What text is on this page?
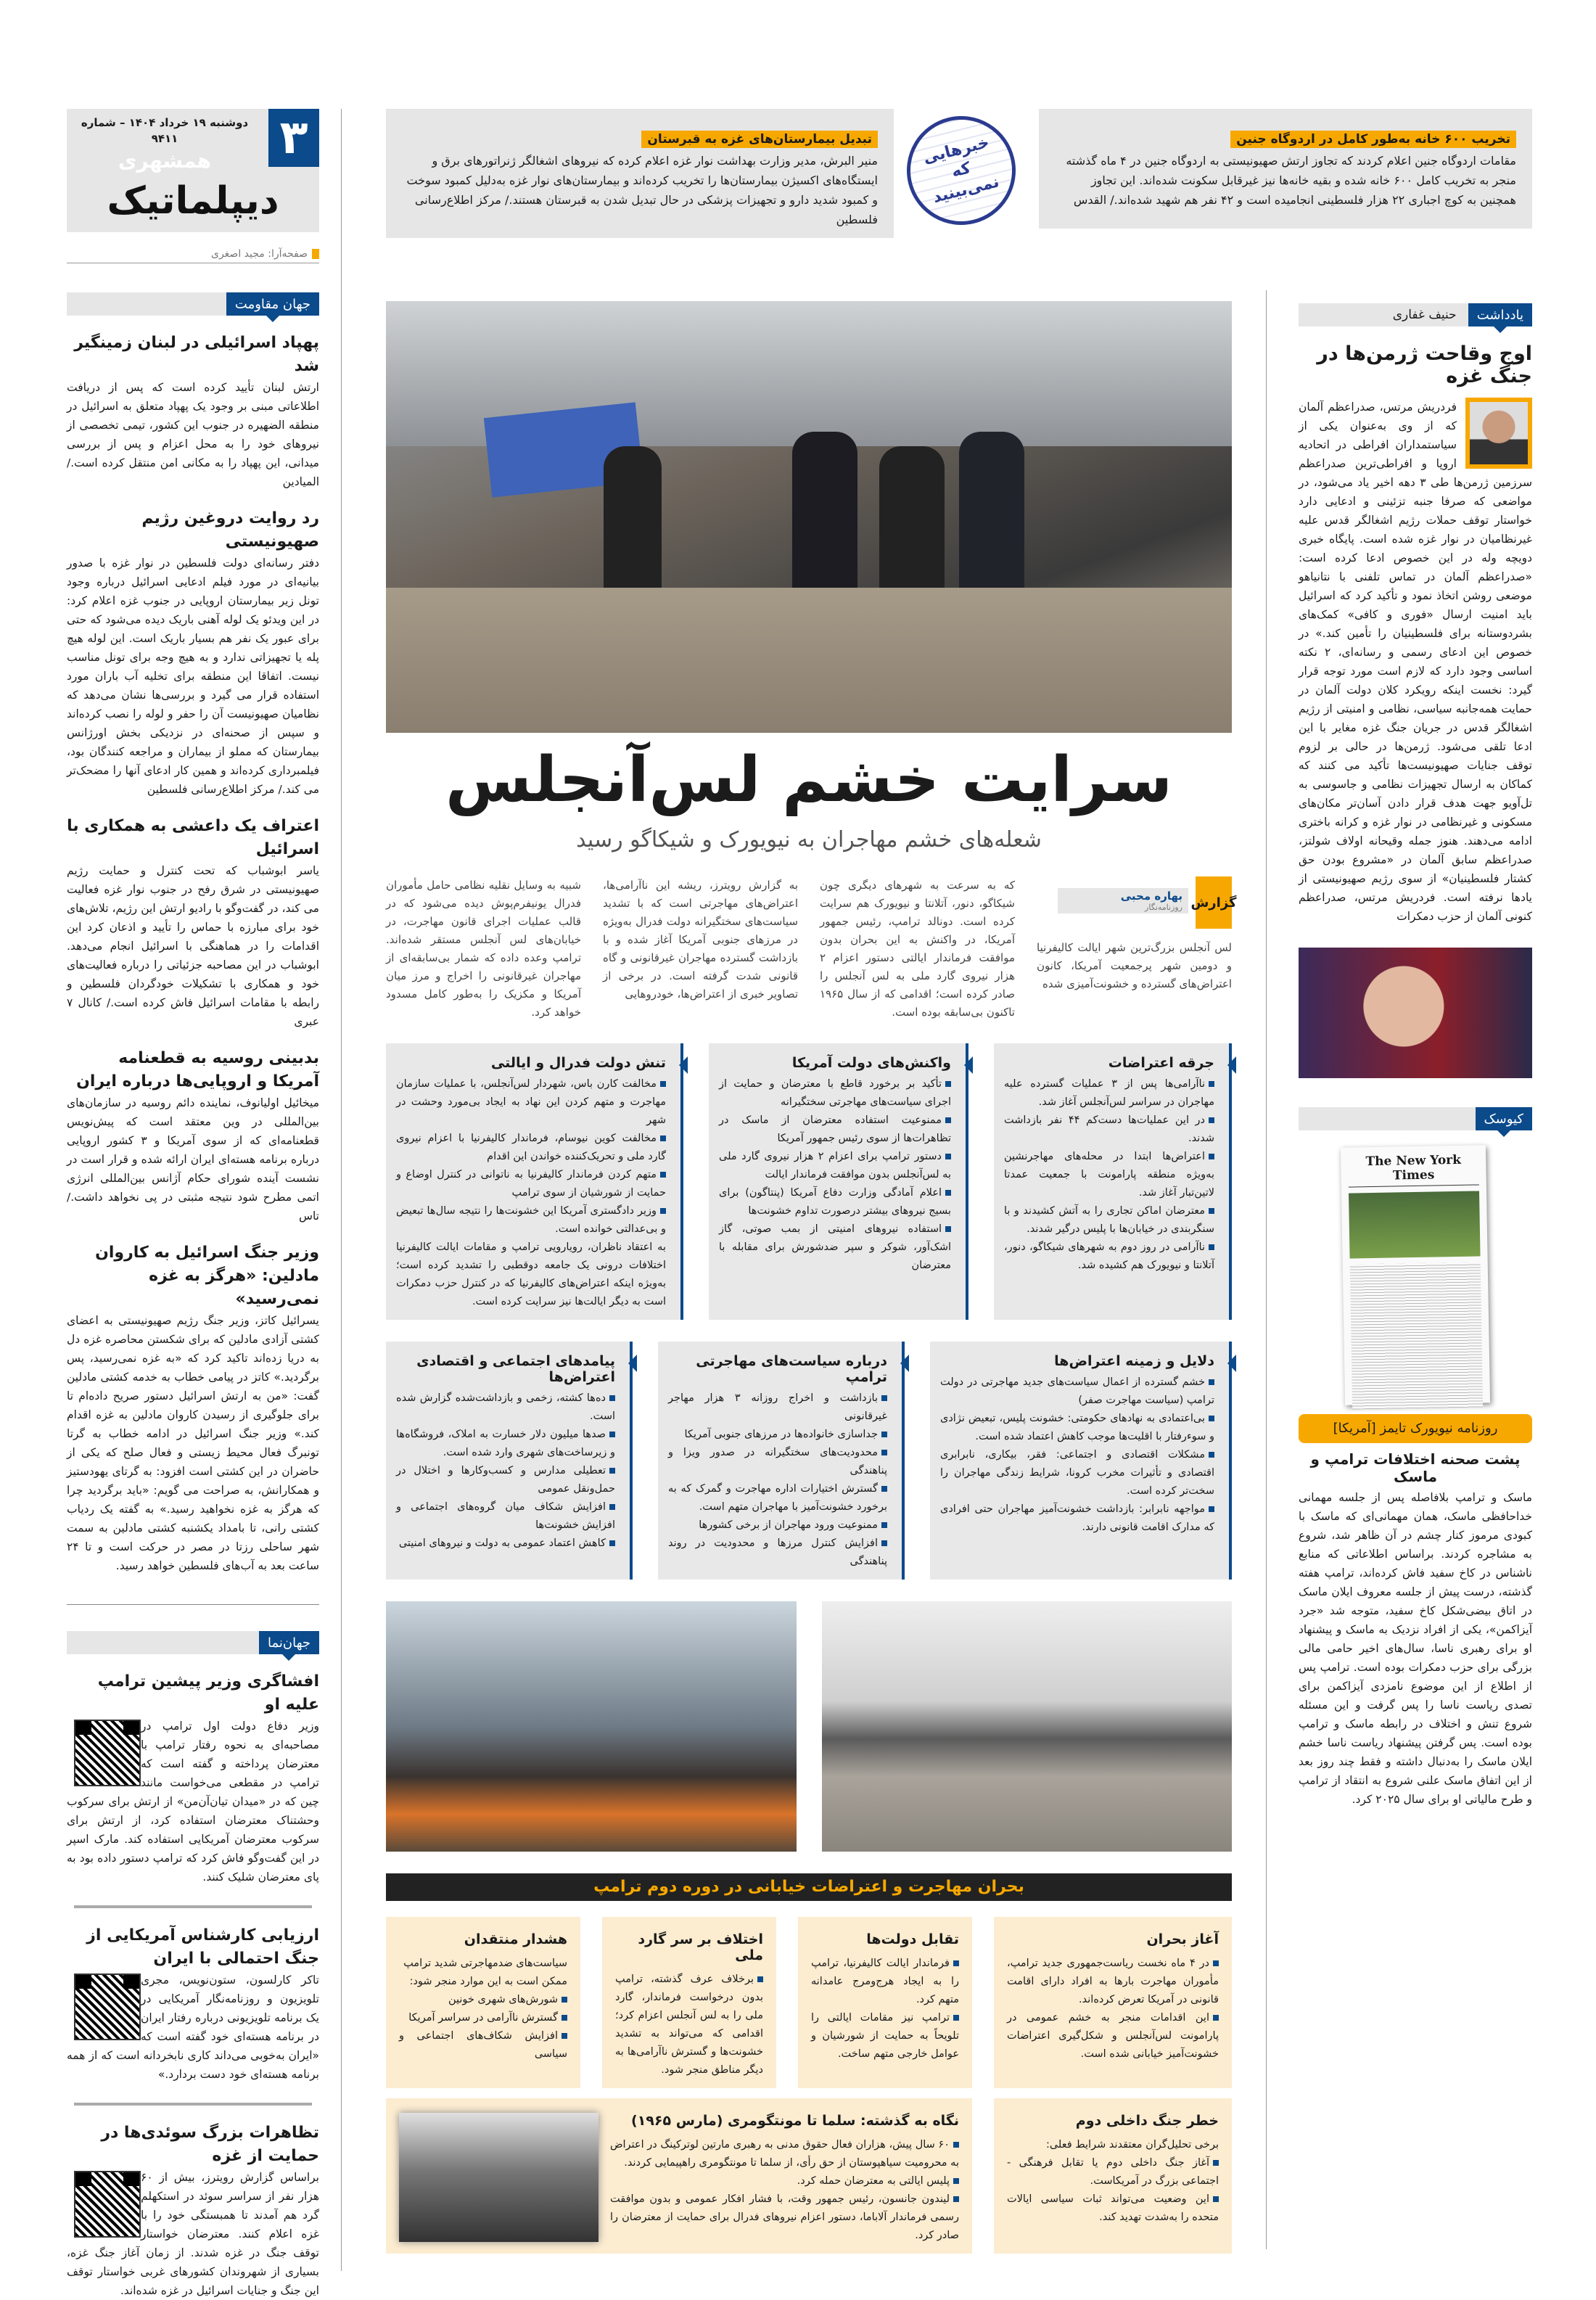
۳
دوشنبه ۱۹ خرداد ۱۴۰۴ – شماره ۹۴۱۱
همشهری
دیپلماتیک
صفحه‌آرا: مجید اصغری
جهان مقاومت
پهپاد اسرائیلی در لبنان زمینگیر شد
ارتش لبنان تأیید کرده است که پس از دریافت اطلاعاتی مبنی بر وجود یک پهپاد متعلق به اسرائیل در منطقه الضهیره در جنوب این کشور، تیمی تخصصی از نیروهای خود را به محل اعزام و پس از بررسی میدانی، این پهپاد را به مکانی امن منتقل کرده است./ المیادین
رد روایت دروغین رژیم صهیونیستی
دفتر رسانه‌ای دولت فلسطین در نوار غزه با صدور بیانیه‌ای در مورد فیلم ادعایی اسرائیل درباره وجود تونل زیر بیمارستان اروپایی در جنوب غزه اعلام کرد: در این ویدئو یک لوله آهنی باریک دیده می‌شود که حتی برای عبور یک نفر هم بسیار باریک است. این لوله هیچ پله یا تجهیزاتی ندارد و به هیچ وجه برای تونل مناسب نیست. اتفاقا این منطقه برای تخلیه آب باران مورد استفاده قرار می گیرد و بررسی‌ها نشان می‌دهد که نظامیان صهیونیست آن را حفر و لوله را نصب کرده‌اند و سپس از صحنه‌ای در نزدیکی بخش اورژانس بیمارستان که مملو از بیماران و مراجعه کنندگان بود، فیلمبرداری کرده‌اند و همین کار ادعای آنها را مضحک‌تر می کند./ مرکز اطلاع‌رسانی فلسطین
اعتراف یک داعشی به همکاری با اسرائیل
یاسر ابوشباب که تحت کنترل و حمایت رژیم صهیونیستی در شرق رفح در جنوب نوار غزه فعالیت می کند، در گفت‌وگو با رادیو ارتش این رژیم، تلاش‌های خود برای مبارزه با حماس را تأیید و اذعان کرد این اقدامات را در هماهنگی با اسرائیل انجام می‌دهد. ابوشباب در این مصاحبه جزئیاتی را درباره فعالیت‌های خود و همکاری با تشکیلات خودگردان فلسطین و رابطه با مقامات اسرائیل فاش کرده است./ کانال ۷ عبری
بدبینی روسیه به قطعنامه آمریکا و اروپایی‌ها درباره ایران
میخائیل اولیانوف، نماینده دائم روسیه در سازمان‌های بین‌المللی در وین معتقد است که پیش‌نویس قطعنامه‌ای که از سوی آمریکا و ۳ کشور اروپایی درباره برنامه هسته‌ای ایران ارائه شده و قرار است در نشست آینده شورای حکام آژانس بین‌المللی انرژی اتمی مطرح شود نتیجه مثبتی در پی نخواهد داشت./ تاس
وزیر جنگ اسرائیل به کاروان مادلین: «هرگز به غزه نمی‌رسید»
یسرائیل کاتز، وزیر جنگ رژیم صهیونیستی به اعضای کشتی آزادی مادلین که برای شکستن محاصره غزه دل به دریا زده‌اند تاکید کرد که «به غزه نمی‌رسید، پس برگردید.» کاتز در پیامی خطاب به خدمه کشتی مادلین گفت: «من به ارتش اسرائیل دستور صریح داده‌ام تا برای جلوگیری از رسیدن کاروان مادلین به غزه اقدام کند.» وزیر جنگ اسرائیل در ادامه خطاب به گرتا تونبرگ فعال محیط زیستی و فعال صلح که یکی از حاضران در این کشتی است افزود: به گرتای یهودستیز و همکارانش، به صراحت می گویم: «باید برگردید چرا که هرگز به غزه نخواهید رسید.» به گفته یک ردیاب کشتی رانی، تا بامداد یکشنبه کشتی مادلین به سمت شهر ساحلی رزتا در مصر در حرکت است و تا ۲۴ ساعت بعد به آب‌های فلسطین خواهد رسید.
جهان‌نما
افشاگری وزیر پیشین ترامپ علیه او
وزیر دفاع دولت اول ترامپ در مصاحبه‌ای به نحوه رفتار ترامپ با معترضان پرداخته و گفته است که ترامپ در مقطعی می‌خواست مانند چین که در «میدان تیان‌آن‌من» از ارتش برای سرکوب وحشتناک معترضان استفاده کرد، از ارتش برای سرکوب معترضان آمریکایی استفاده کند. مارک اسپر در این گفت‌وگو فاش کرد که ترامپ دستور داده بود به پای معترضان شلیک کنند.
ارزیابی کارشناس آمریکایی از جنگ احتمالی با ایران
تاکر کارلسون، ستون‌نویس، مجری تلویزیون و روزنامه‌نگار آمریکایی در یک برنامه تلویزیونی درباره رفتار ایران در برنامه هسته‌ای خود گفته است که «ایران به‌خوبی می‌داند کاری نابخردانه است که از همه برنامه هسته‌ای خود دست بردارد.»
تظاهرات بزرگ سوئدی‌ها در حمایت از غزه
براساس گزارش رویترز، بیش از ۶۰ هزار نفر از سراسر سوئد در استکهلم گرد هم آمدند تا همبستگی خود را با غزه اعلام کنند. معترضان خواستار توقف جنگ در غزه شدند. از زمان آغاز جنگ غزه، بسیاری از شهروندان کشورهای غربی خواستار توقف این جنگ و جنایات اسرائیل در غزه شده‌اند.
تبدیل بیمارستان‌های غزه به قبرستان

منیر البرش، مدیر وزارت بهداشت نوار غزه اعلام کرده که نیروهای اشغالگر ژنراتورهای برق و ایستگاه‌های اکسیژن بیمارستان‌ها را تخریب کرده‌اند و بیمارستان‌های نوار غزه به‌دلیل کمبود سوخت و کمبود شدید دارو و تجهیزات پزشکی در حال تبدیل شدن به قبرستان هستند./ مرکز اطلاع‌رسانی فلسطین

خبرهایی که نمی‌بینید
تخریب ۶۰۰ خانه به‌طور کامل در اردوگاه جنین

مقامات اردوگاه جنین اعلام کردند که تجاوز ارتش صهیونیستی به اردوگاه جنین در ۴ ماه گذشته منجر به تخریب کامل ۶۰۰ خانه شده و بقیه خانه‌ها نیز غیرقابل سکونت شده‌اند. این تجاوز همچنین به کوچ اجباری ۲۲ هزار فلسطینی انجامیده است و ۴۲ نفر هم شهید شده‌اند./ القدس

سرایت خشم لس‌آنجلس
شعله‌های خشم مهاجران به نیویورک و شیکاگو رسید
گزارش
بهاره محبی
روزنامه‌نگار
لس آنجلس بزرگ‌ترین شهر ایالت کالیفرنیا و دومین شهر پرجمعیت آمریکا، کانون اعتراض‌های گسترده و خشونت‌آمیزی شده
که به سرعت به شهرهای دیگری چون شیکاگو، دنور، آتلانتا و نیویورک هم سرایت کرده است. دونالد ترامپ، رئیس جمهور آمریکا، در واکنش به این بحران بدون موافقت فرماندار ایالتی دستور اعزام ۲ هزار نیروی گارد ملی به لس آنجلس را صادر کرده است؛ اقدامی که از سال ۱۹۶۵ تاکنون بی‌سابقه بوده است.
به گزارش رویترز، ریشه این ناآرامی‌ها، اعتراض‌های مهاجرتی است که با تشدید سیاست‌های سختگیرانه دولت فدرال به‌ویژه در مرزهای جنوبی آمریکا آغاز شده و با بازداشت گسترده مهاجران غیرقانونی و گاه قانونی شدت گرفته است. در برخی از تصاویر خبری از اعتراض‌ها، خودروهایی
شبیه به وسایل نقلیه نظامی حامل مأموران فدرال یونیفرم‌پوش دیده می‌شود که در قالب عملیات اجرای قانون مهاجرت، در خیابان‌های لس آنجلس مستقر شده‌اند. ترامپ وعده داده که شمار بی‌سابقه‌ای از مهاجران غیرقانونی را اخراج و مرز میان آمریکا و مکزیک را به‌طور کامل مسدود خواهد کرد.
جرقه اعتراضات
ناآرامی‌ها پس از ۳ عملیات گسترده علیه مهاجران در سراسر لس‌آنجلس آغاز شد.
در این عملیات‌ها دست‌کم ۴۴ نفر بازداشت شدند.
اعتراض‌ها ابتدا در محله‌های مهاجرنشین به‌ویژه منطقه پارامونت با جمعیت عمدتا لاتین‌تبار آغاز شد.
معترضان اماکن تجاری را به آتش کشیدند و با سنگربندی در خیابان‌ها با پلیس درگیر شدند.
ناآرامی در روز دوم به شهرهای شیکاگو، دنور، آتلانتا و نیویورک هم کشیده شد.
واکنش‌های دولت آمریکا
تأکید بر برخورد قاطع با معترضان و حمایت از اجرای سیاست‌های مهاجرتی سختگیرانه
ممنوعیت استفاده معترضان از ماسک در تظاهرات‌ها از سوی رئیس جمهور آمریکا
دستور ترامپ برای اعزام ۲ هزار نیروی گارد ملی به لس‌آنجلس بدون موافقت فرماندار ایالت
اعلام آمادگی وزارت دفاع آمریکا (پنتاگون) برای بسیج نیروهای بیشتر درصورت تداوم خشونت‌ها
استفاده نیروهای امنیتی از بمب صوتی، گاز اشک‌آور، شوکر و سپر ضدشورش برای مقابله با معترضان
تنش دولت فدرال و ایالتی
مخالفت کارن باس، شهردار لس‌آنجلس، با عملیات سازمان مهاجرت و متهم کردن این نهاد به ایجاد بی‌مورد وحشت در شهر
مخالفت کوین نیوسام، فرماندار کالیفرنیا با اعزام نیروی گارد ملی و تحریک‌کننده خواندن این اقدام
متهم کردن فرماندار کالیفرنیا به ناتوانی در کنترل اوضاع و حمایت از شورشیان از سوی ترامپ
وزیر دادگستری آمریکا این خشونت‌ها را نتیجه سال‌ها تبعیض و بی‌عدالتی خوانده است.

به اعتقاد ناظران، رویارویی ترامپ و مقامات ایالت کالیفرنیا اختلافات درونی یک جامعه دوقطبی را تشدید کرده است؛ به‌ویژه اینکه اعتراض‌های کالیفرنیا که در کنترل حزب دمکرات است به دیگر ایالت‌ها نیز سرایت کرده است.

دلایل و زمینه اعتراض‌ها
خشم گسترده از اعمال سیاست‌های جدید مهاجرتی در دولت ترامپ (سیاست مهاجرت صفر)
بی‌اعتمادی به نهادهای حکومتی: خشونت پلیس، تبعیض نژادی و سوء‌رفتار با اقلیت‌ها موجب کاهش اعتماد شده است.
مشکلات اقتصادی و اجتماعی: فقر، بیکاری، نابرابری اقتصادی و تأثیرات مخرب کرونا، شرایط زندگی مهاجران را سخت‌تر کرده است.
مواجهه نابرابر: بازداشت خشونت‌آمیز مهاجران حتی افرادی که مدارک اقامت قانونی دارند.
درباره سیاست‌های مهاجرتی ترامپ
بازداشت و اخراج روزانه ۳ هزار مهاجر غیرقانونی
جداسازی خانواده‌ها در مرزهای جنوبی آمریکا
محدودیت‌های سختگیرانه در صدور ویزا و پناهندگی
گسترش اختیارات اداره مهاجرت و گمرک که به برخورد خشونت‌آمیز با مهاجران متهم است.
ممنوعیت ورود مهاجران از برخی کشورها
افزایش کنترل مرزها و محدودیت در روند پناهندگی
پیامدهای اجتماعی و اقتصادی اعتراض‌ها
ده‌ها کشته، زخمی و بازداشت‌شده گزارش شده است.
صدها میلیون دلار خسارت به املاک، فروشگاه‌ها و زیرساخت‌های شهری وارد شده است.
تعطیلی مدارس و کسب‌وکارها و اختلال در حمل‌ونقل عمومی
افزایش شکاف میان گروه‌های اجتماعی و افزایش خشونت‌ها
کاهش اعتماد عمومی به دولت و نیروهای امنیتی
بحران مهاجرت و اعتراضات خیابانی در دوره دوم ترامپ
آغاز بحران
در ۴ ماه نخست ریاست‌جمهوری جدید ترامپ، مأموران مهاجرت بارها به افراد دارای اقامت قانونی در آمریکا تعرض کرده‌اند.
این اقدامات منجر به خشم عمومی در پارامونت لس‌آنجلس و شکل‌گیری اعتراضات خشونت‌آمیز خیابانی شده است.
تقابل دولت‌ها
فرماندار ایالت کالیفرنیا، ترامپ را به ایجاد هرج‌ومرج عامدانه متهم کرد.
ترامپ نیز مقامات ایالتی را تلویحاً به حمایت از شورشیان و عوامل خارجی متهم ساخت.
اختلاف بر سر گارد ملی
برخلاف عرف گذشته، ترامپ بدون درخواست فرماندار، گارد ملی را به لس آنجلس اعزام کرد؛ اقدامی که می‌تواند به تشدید خشونت‌ها و گسترش ناآرامی‌ها به دیگر مناطق منجر شود.
هشدار منتقدان

سیاست‌های ضدمهاجرتی شدید ترامپ ممکن است به این موارد منجر شود:

شورش‌های شهری خونین
گسترش ناآرامی در سراسر آمریکا
افزایش شکاف‌های اجتماعی و سیاسی
خطر جنگ داخلی دوم

برخی تحلیل‌گران معتقدند شرایط فعلی:

آغاز جنگ داخلی دوم یا تقابل فرهنگی - اجتماعی بزرگ در آمریکاست.
این وضعیت می‌تواند ثبات سیاسی ایالات متحده را به‌شدت تهدید کند.
نگاه به گذشته: سلما تا مونتگومری (مارس ۱۹۶۵)
۶۰ سال پیش، هزاران فعال حقوق مدنی به رهبری مارتین لوترکینگ در اعتراض به محرومیت سیاهپوستان از حق رأی، از سلما تا مونتگومری راهپیمایی کردند.
پلیس ایالتی به معترضان حمله کرد.
لیندون جانسون، رئیس جمهور وقت، با فشار افکار عمومی و بدون موافقت رسمی فرماندار آلاباما، دستور اعزام نیروهای فدرال برای حمایت از معترضان را صادر کرد.
یادداشت
حنیف غفاری
اوج وقاحت ژرمن‌ها در جنگ غزه
فردریش مرتس، صدراعظم آلمان که از وی به‌عنوان یکی از سیاستمداران افراطی در اتحادیه اروپا و افراطی‌ترین صدراعظم سرزمین ژرمن‌ها طی ۳ دهه اخیر یاد می‌شود، در مواضعی که صرفا جنبه تزئینی و ادعایی دارد خواستار توقف حملات رژیم اشغالگر قدس علیه غیرنظامیان در نوار غزه شده است. پایگاه خبری دویچه وله در این خصوص ادعا کرده است: «صدراعظم آلمان در تماس تلفنی با نتانیاهو موضعی روشن اتخاذ نمود و تأکید کرد که اسرائیل باید امنیت ارسال «فوری و کافی» کمک‌های بشردوستانه برای فلسطینیان را تأمین کند.» در خصوص این ادعای رسمی و رسانه‌ای، ۲ نکته اساسی وجود دارد که لازم است مورد توجه قرار گیرد: نخست اینکه رویکرد کلان دولت آلمان در حمایت همه‌جانبه سیاسی، نظامی و امنیتی از رژیم اشغالگر قدس در جریان جنگ غزه مغایر با این ادعا تلقی می‌شود. ژرمن‌ها در حالی بر لزوم توقف جنایات صهیونیست‌ها تأکید می کنند که کماکان به ارسال تجهیزات نظامی و جاسوسی به تل‌آویو جهت هدف قرار دادن آسان‌تر مکان‌های مسکونی و غیرنظامی در نوار غزه و کرانه باختری ادامه می‌دهند. هنوز جمله وقیحانه اولاف شولتز، صدراعظم سابق آلمان در «مشروع بودن حق کشتار فلسطینیان» از سوی رژیم صهیونیستی از یادها نرفته است. فردریش مرتس، صدراعظم کنونی آلمان از حزب دمکرات
کیوسک
The New York Times
روزنامه نیویورک تایمز [آمریکا]
پشت صحنه اختلافات ترامپ و ماسک
ماسک و ترامپ بلافاصله پس از جلسه مهمانی خداحافظی ماسک، همان مهمانی‌ای که ماسک با کبودی مرموز کنار چشم در آن ظاهر شد، شروع به مشاجره کردند. براساس اطلاعاتی که منابع ناشناس در کاخ سفید فاش کرده‌اند، ترامپ هفته گذشته، درست پیش از جلسه معروف ایلان ماسک در اتاق بیضی‌شکل کاخ سفید، متوجه شد «جرد آیزاکمن»، یکی از افراد نزدیک به ماسک و پیشنهاد او برای رهبری ناسا، سال‌های اخیر حامی مالی بزرگی برای حزب دمکرات بوده است. ترامپ پس از اطلاع از این موضوع نامزدی آیزاکمن برای تصدی ریاست ناسا را پس گرفت و این مسئله شروع تنش و اختلاف در رابطه ماسک و ترامپ بوده است. پس گرفتن پیشنهاد ریاست ناسا خشم ایلان ماسک را به‌دنبال داشته و فقط چند روز بعد از این اتفاق ماسک علنی شروع به انتقاد از ترامپ و طرح مالیاتی او برای سال ۲۰۲۵ کرد.
